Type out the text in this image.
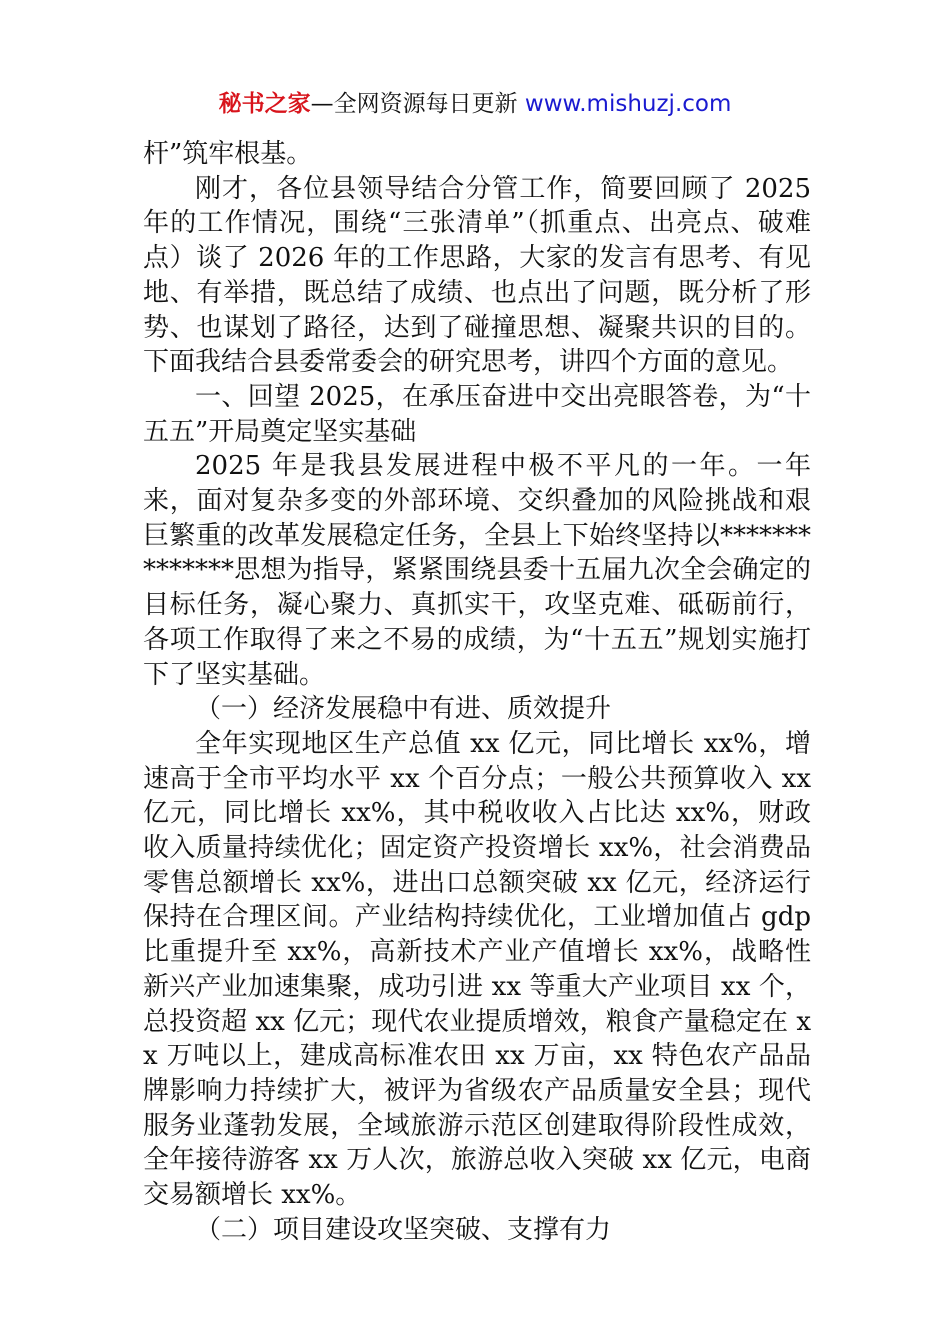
秘书之家—全网资源每日更新 www.mishuzj.com

杆”筑牢根基。

刚才，各位县领导结合分管工作，简要回顾了 2025 年的工作情况，围绕“三张清单”（抓重点、出亮点、破难点）谈了 2026 年的工作思路，大家的发言有思考、有见地、有举措，既总结了成绩、也点出了问题，既分析了形势、也谋划了路径，达到了碰撞思想、凝聚共识的目的。下面我结合县委常委会的研究思考，讲四个方面的意见。

一、回望 2025，在承压奋进中交出亮眼答卷，为“十五五”开局奠定坚实基础

2025 年是我县发展进程中极不平凡的一年。一年来，面对复杂多变的外部环境、交织叠加的风险挑战和艰巨繁重的改革发展稳定任务，全县上下始终坚持以**************思想为指导，紧紧围绕县委十五届九次全会确定的目标任务，凝心聚力、真抓实干，攻坚克难、砥砺前行，各项工作取得了来之不易的成绩，为“十五五”规划实施打下了坚实基础。

（一）经济发展稳中有进、质效提升

全年实现地区生产总值 xx 亿元，同比增长 xx%，增速高于全市平均水平 xx 个百分点；一般公共预算收入 xx 亿元，同比增长 xx%，其中税收收入占比达 xx%，财政收入质量持续优化；固定资产投资增长 xx%，社会消费品零售总额增长 xx%，进出口总额突破 xx 亿元，经济运行保持在合理区间。产业结构持续优化，工业增加值占 gdp 比重提升至 xx%，高新技术产业产值增长 xx%，战略性新兴产业加速集聚，成功引进 xx 等重大产业项目 xx 个，总投资超 xx 亿元；现代农业提质增效，粮食产量稳定在 xx 万吨以上，建成高标准农田 xx 万亩，xx 特色农产品品牌影响力持续扩大，被评为省级农产品质量安全县；现代服务业蓬勃发展，全域旅游示范区创建取得阶段性成效，全年接待游客 xx 万人次，旅游总收入突破 xx 亿元，电商交易额增长 xx%。

（二）项目建设攻坚突破、支撑有力
